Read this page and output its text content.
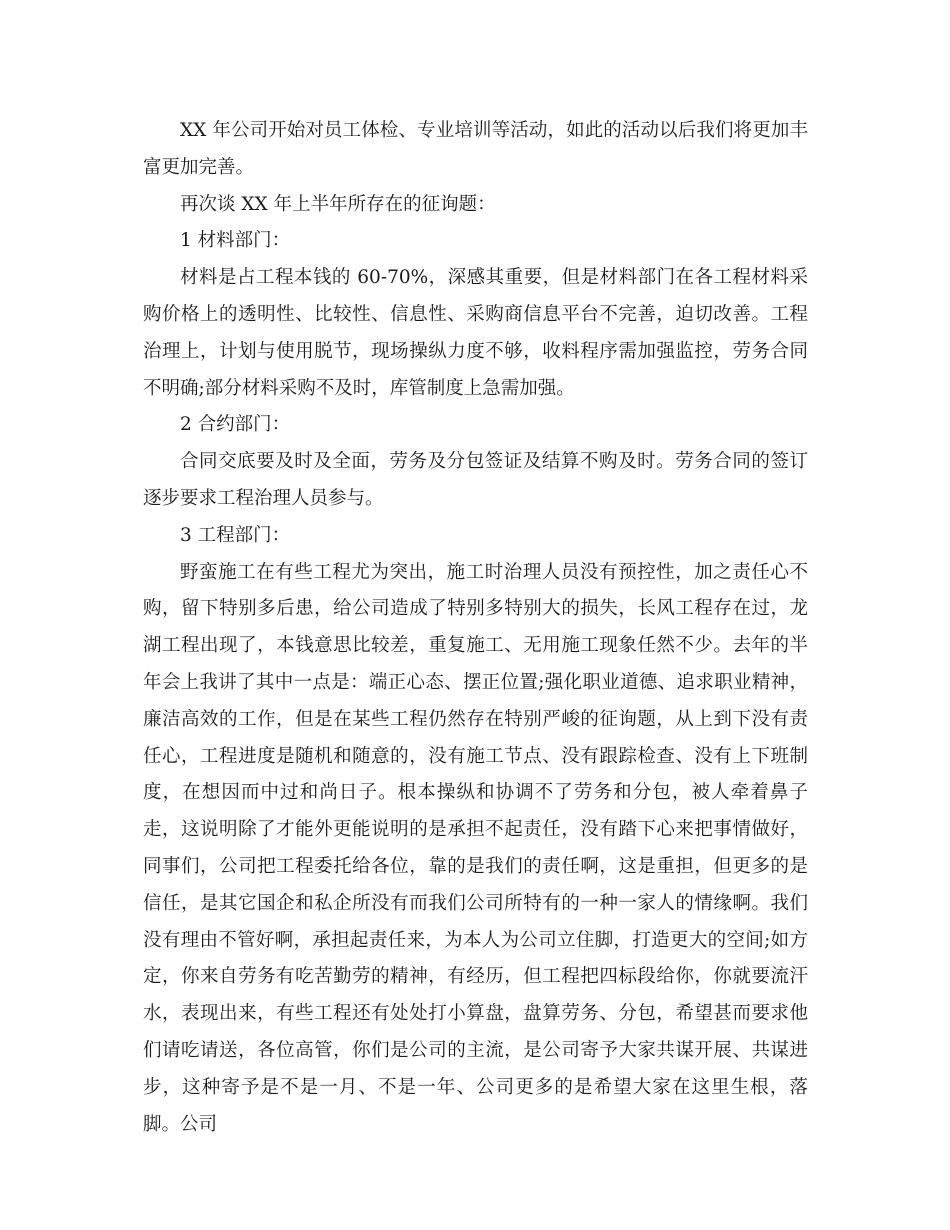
XX 年公司开始对员工体检、专业培训等活动，如此的活动以后我们将更加丰富更加完善。

再次谈 XX 年上半年所存在的征询题：

1 材料部门：

材料是占工程本钱的 60-70%，深感其重要，但是材料部门在各工程材料采购价格上的透明性、比较性、信息性、采购商信息平台不完善，迫切改善。工程治理上，计划与使用脱节，现场操纵力度不够，收料程序需加强监控，劳务合同不明确;部分材料采购不及时，库管制度上急需加强。

2 合约部门：

合同交底要及时及全面，劳务及分包签证及结算不购及时。劳务合同的签订逐步要求工程治理人员参与。

3 工程部门：

野蛮施工在有些工程尤为突出，施工时治理人员没有预控性，加之责任心不购，留下特别多后患，给公司造成了特别多特别大的损失，长风工程存在过，龙湖工程出现了，本钱意思比较差，重复施工、无用施工现象任然不少。去年的半年会上我讲了其中一点是：端正心态、摆正位置;强化职业道德、追求职业精神，廉洁高效的工作，但是在某些工程仍然存在特别严峻的征询题，从上到下没有责任心，工程进度是随机和随意的，没有施工节点、没有跟踪检查、没有上下班制度，在想因而中过和尚日子。根本操纵和协调不了劳务和分包，被人牵着鼻子走，这说明除了才能外更能说明的是承担不起责任，没有踏下心来把事情做好，同事们，公司把工程委托给各位，靠的是我们的责任啊，这是重担，但更多的是信任，是其它国企和私企所没有而我们公司所特有的一种一家人的情缘啊。我们没有理由不管好啊，承担起责任来，为本人为公司立住脚，打造更大的空间;如方定，你来自劳务有吃苦勤劳的精神，有经历，但工程把四标段给你，你就要流汗水，表现出来，有些工程还有处处打小算盘，盘算劳务、分包，希望甚而要求他们请吃请送，各位高管，你们是公司的主流，是公司寄予大家共谋开展、共谋进步，这种寄予是不是一月、不是一年、公司更多的是希望大家在这里生根，落脚。公司
